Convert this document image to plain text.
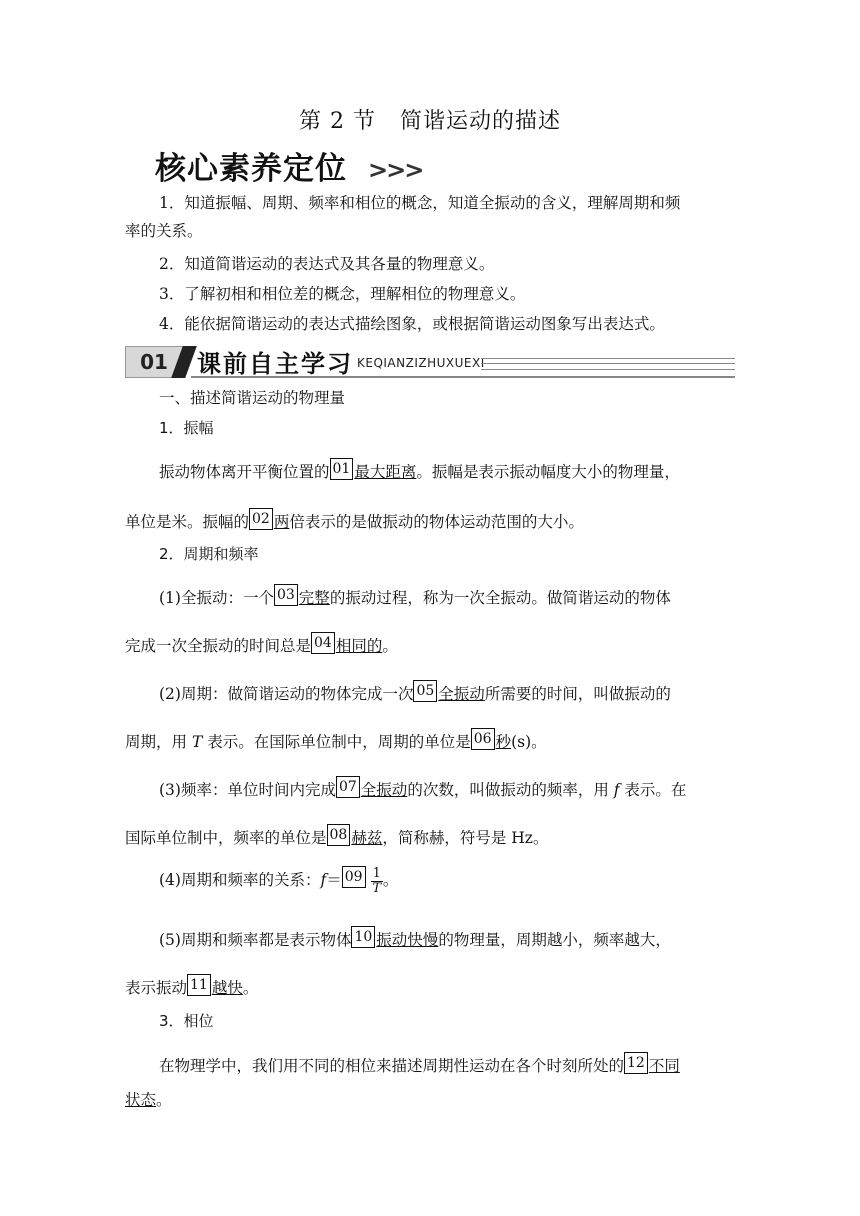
第 2 节 简谐运动的描述
核心素养定位 >>>
1．知道振幅、周期、频率和相位的概念，知道全振动的含义，理解周期和频
率的关系。
2．知道简谐运动的表达式及其各量的物理意义。
3．了解初相和相位差的概念，理解相位的物理意义。
4．能依据简谐运动的表达式描绘图象，或根据简谐运动图象写出表达式。
01	课前自主学习 KEQIANZIZHUXUEXI
一、描述简谐运动的物理量
1．振幅
振动物体离开平衡位置的 01 最大距离。振幅是表示振动幅度大小的物理量，
单位是米。振幅的 02 两倍表示的是做振动的物体运动范围的大小。
2．周期和频率
(1)全振动：一个 03 完整的振动过程，称为一次全振动。做简谐运动的物体
完成一次全振动的时间总是 04 相同的。
(2)周期：做简谐运动的物体完成一次 05 全振动所需要的时间，叫做振动的
周期，用 T 表示。在国际单位制中，周期的单位是 06 秒(s)。
(3)频率：单位时间内完成 07 全振动的次数，叫做振动的频率，用 f 表示。在
国际单位制中，频率的单位是 08 赫兹，简称赫，符号是 Hz。
(4)周期和频率的关系：$f= 09 \frac{1}{T}$ 。
(5)周期和频率都是表示物体 10 振动快慢的物理量，周期越小，频率越大，
表示振动 11 越快。
3．相位
在物理学中，我们用不同的相位来描述周期性运动在各个时刻所处的 12 不同
状态。
